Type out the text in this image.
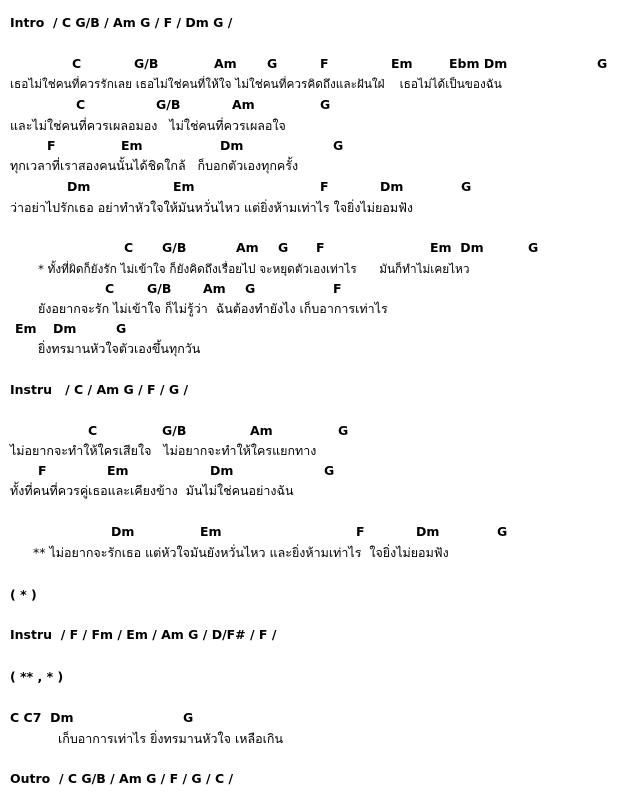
Intro  / C G/B / Am G / F / Dm G /
C	G/B	Am G	F	Em	Ebm Dm	G
เธอไม่ใช่คนที่ควรรักเลย เธอไม่ใช่คนที่ให้ใจ ไม่ใช่คนที่ควรคิดถึงและฝันใฝ่    เธอไม่ได้เป็นของฉัน
C	G/B	Am	G
และไม่ใช่คนที่ควรเผลอมอง   ไม่ใช่คนที่ควรเผลอใจ
F	Em	Dm	G
ทุกเวลาที่เราสองคนนั้นได้ชิดใกล้   ก็บอกตัวเองทุกครั้ง
Dm	Em	F	Dm	G
ว่าอย่าไปรักเธอ อย่าทำหัวใจให้มันหวั่นไหว แต่ยิ่งห้ามเท่าไร ใจยิ่งไม่ยอมฟัง
C G/B	Am G F	Em  Dm	G
* ทั้งที่ผิดก็ยังรัก ไม่เข้าใจ ก็ยังคิดถึงเรื่อยไป จะหยุดตัวเองเท่าไร      มันก็ทำไม่เคยไหว
C	G/B	Am G	F
ยังอยากจะรัก ไม่เข้าใจ ก็ไม่รู้ว่า  ฉันต้องทำยังไง เก็บอาการเท่าไร
Em Dm	G
ยิ่งทรมานหัวใจตัวเองขึ้นทุกวัน
Instru   / C / Am G / F / G /
C	G/B	Am	G
ไม่อยากจะทำให้ใครเสียใจ   ไม่อยากจะทำให้ใครแยกทาง
F	Em	Dm	G
ทั้งที่คนที่ควรคู่เธอและเคียงข้าง  มันไม่ใช่คนอย่างฉัน
Dm	Em	F	Dm	G
** ไม่อยากจะรักเธอ แต่หัวใจมันยังหวั่นไหว และยิ่งห้ามเท่าไร  ใจยิ่งไม่ยอมฟัง
( * )
Instru  / F / Fm / Em / Am G / D/F# / F /
( ** , * )
C C7  Dm	G
เก็บอาการเท่าไร ยิ่งทรมานหัวใจ เหลือเกิน
Outro  / C G/B / Am G / F / G / C /
